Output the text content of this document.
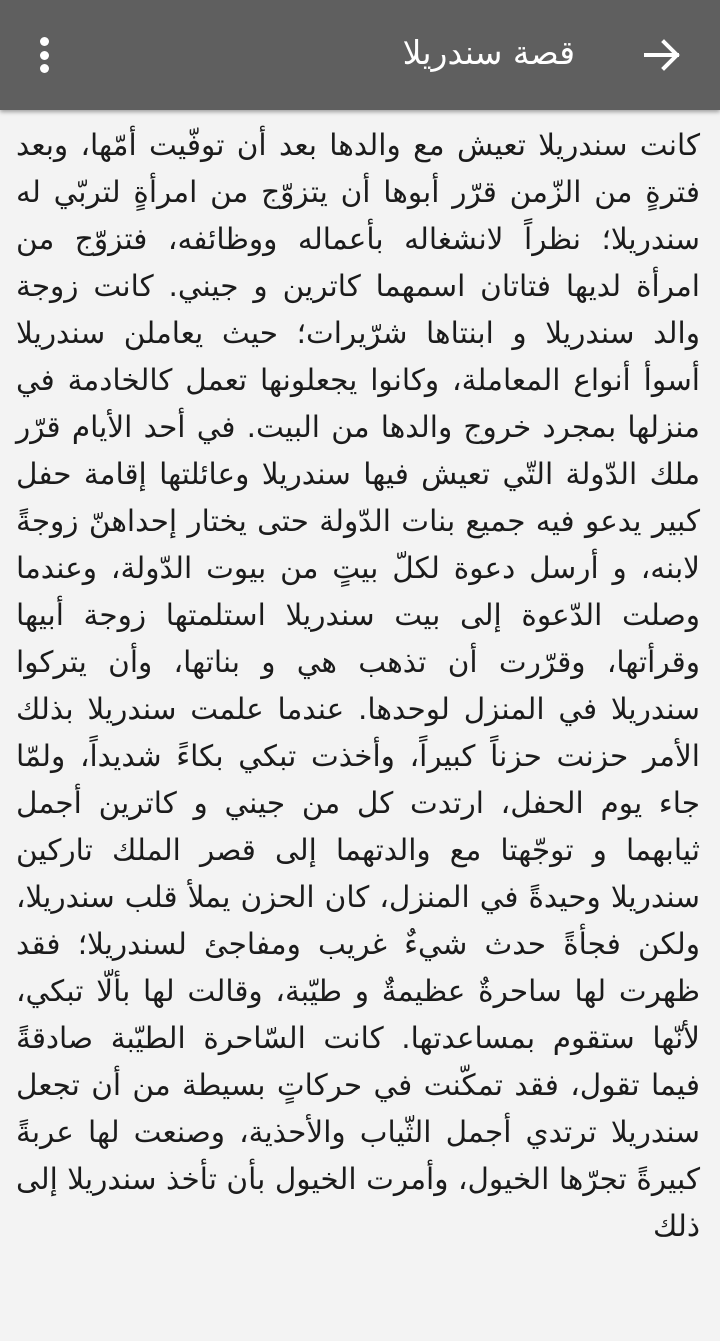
قصة سندريلا

كانت سندريلا تعيش مع والدها بعد أن توفّيت أمّها، وبعد فترةٍ من الزّمن قرّر أبوها أن يتزوّج من امرأةٍ لتربّي له سندريلا؛ نظراً لانشغاله بأعماله ووظائفه، فتزوّج من امرأة لديها فتاتان اسمهما كاترين و جيني. كانت زوجة والد سندريلا و ابنتاها شرّيرات؛ حيث يعاملن سندريلا أسوأ أنواع المعاملة، وكانوا يجعلونها تعمل كالخادمة في منزلها بمجرد خروج والدها من البيت. في أحد الأيام قرّر ملك الدّولة التّي تعيش فيها سندريلا وعائلتها إقامة حفل كبير يدعو فيه جميع بنات الدّولة حتى يختار إحداهنّ زوجةً لابنه، و أرسل دعوة لكلّ بيتٍ من بيوت الدّولة، وعندما وصلت الدّعوة إلى بيت سندريلا استلمتها زوجة أبيها وقرأتها، وقرّرت أن تذهب هي و بناتها، وأن يتركوا سندريلا في المنزل لوحدها. عندما علمت سندريلا بذلك الأمر حزنت حزناً كبيراً، وأخذت تبكي بكاءً شديداً، ولمّا جاء يوم الحفل، ارتدت كل من جيني و كاترين أجمل ثيابهما و توجّهتا مع والدتهما إلى قصر الملك تاركين سندريلا وحيدةً في المنزل، كان الحزن يملأ قلب سندريلا، ولكن فجأةً حدث شيءٌ غريب ومفاجئ لسندريلا؛ فقد ظهرت لها ساحرةٌ عظيمةٌ و طيّبة، وقالت لها بألّا تبكي، لأنّها ستقوم بمساعدتها. كانت السّاحرة الطيّبة صادقةً فيما تقول، فقد تمكّنت في حركاتٍ بسيطة من أن تجعل سندريلا ترتدي أجمل الثّياب والأحذية، وصنعت لها عربةً كبيرةً تجرّها الخيول، وأمرت الخيول بأن تأخذ سندريلا إلى ذلك
